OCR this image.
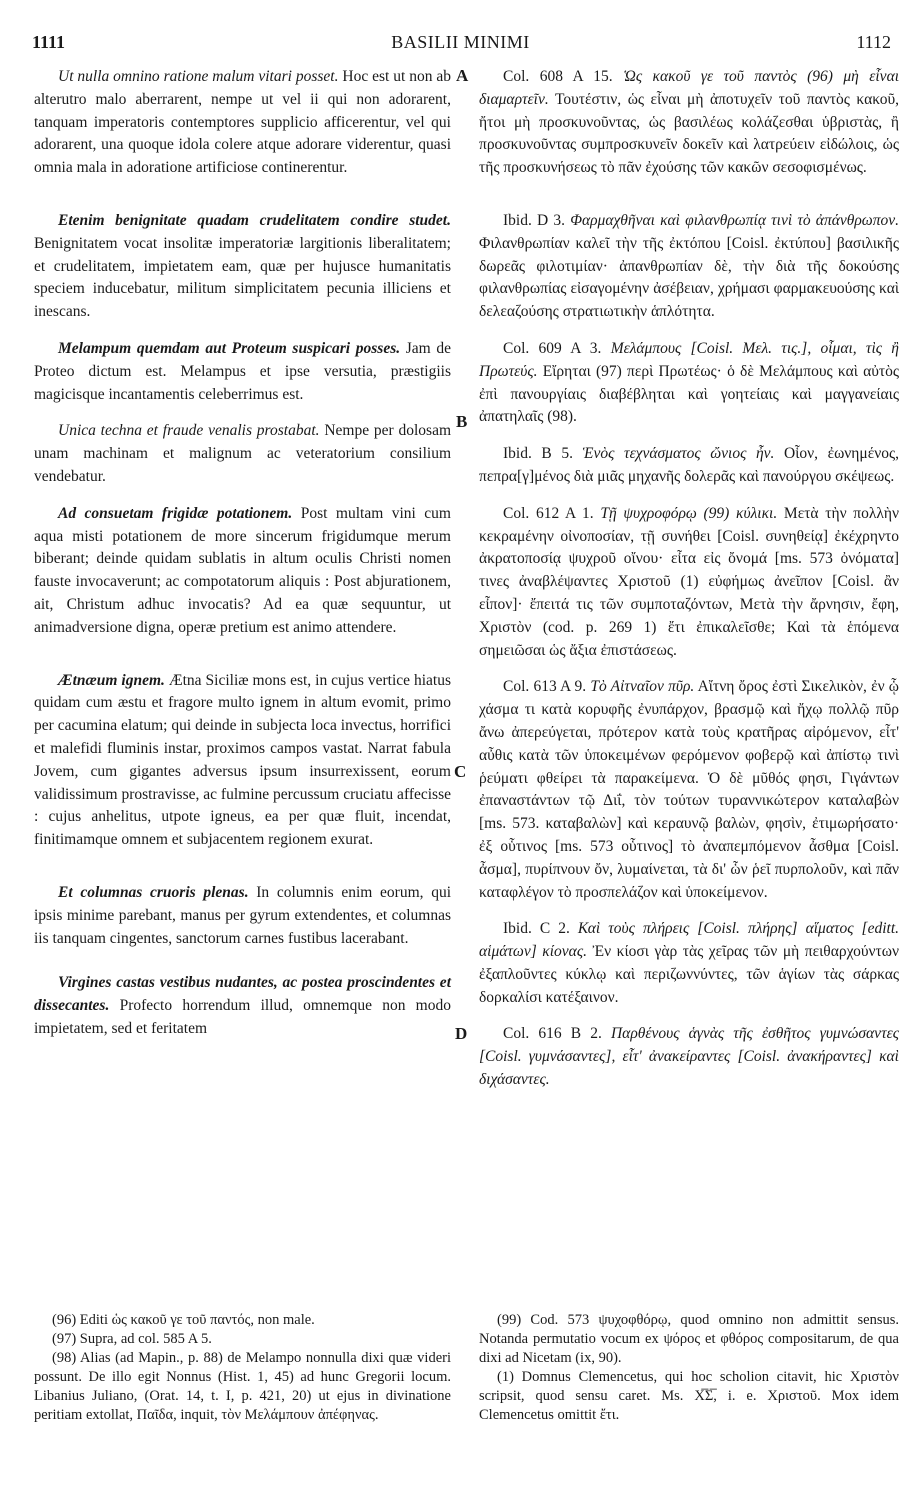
1111	BASILII MINIMI	1112
A
B
C
D

Ut nulla omnino ratione malum vitari posset. Hoc est ut non ab alterutro malo aberrarent, nempe ut vel ii qui non adorarent, tanquam imperatoris contemptores supplicio afficerentur, vel qui adorarent, una quoque idola colere atque adorare viderentur, quasi omnia mala in adoratione artificiose continerentur.

Etenim benignitate quadam crudelitatem condire studet. Benignitatem vocat insolitæ imperatoriæ largitionis liberalitatem; et crudelitatem, impietatem eam, quæ per hujusce humanitatis speciem inducebatur, militum simplicitatem pecunia illiciens et inescans.

Melampum quemdam aut Proteum suspicari posses. Jam de Proteo dictum est. Melampus et ipse versutia, præstigiis magicisque incantamentis celeberrimus est.

Unica techna et fraude venalis prostabat. Nempe per dolosam unam machinam et malignum ac veteratorium consilium vendebatur.

Ad consuetam frigidæ potationem. Post multam vini cum aqua misti potationem de more sincerum frigidumque merum biberant; deinde quidam sublatis in altum oculis Christi nomen fauste invocaverunt; ac compotatorum aliquis : Post abjurationem, ait, Christum adhuc invocatis? Ad ea quæ sequuntur, ut animadversione digna, operæ pretium est animo attendere.

Ætnæum ignem. Ætna Siciliæ mons est, in cujus vertice hiatus quidam cum æstu et fragore multo ignem in altum evomit, primo per cacumina elatum; qui deinde in subjecta loca invectus, horrifici et malefidi fluminis instar, proximos campos vastat. Narrat fabula Jovem, cum gigantes adversus ipsum insurrexissent, eorum validissimum prostravisse, ac fulmine percussum cruciatu affecisse : cujus anhelitus, utpote igneus, ea per quæ fluit, incendat, finitimamque omnem et subjacentem regionem exurat.

Et columnas cruoris plenas. In columnis enim eorum, qui ipsis minime parebant, manus per gyrum extendentes, et columnas iis tanquam cingentes, sanctorum carnes fustibus lacerabant.

Virgines castas vestibus nudantes, ac postea proscindentes et dissecantes. Profecto horrendum illud, omnemque non modo impietatem, sed et feritatem

Col. 608 A 15. Ὡς κακοῦ γε τοῦ παντὸς (96) μὴ εἶναι διαμαρτεῖν. Τουτέστιν, ὡς εἶναι μὴ ἀποτυχεῖν τοῦ παντὸς κακοῦ, ἤτοι μὴ προσκυνοῦντας, ὡς βασιλέως κολάζεσθαι ὑβριστὰς, ἢ προσκυνοῦντας συμπροσκυνεῖν δοκεῖν καὶ λατρεύειν εἰδώλοις, ὡς τῆς προσκυνήσεως τὸ πᾶν ἐχούσης τῶν κακῶν σεσοφισμένως.

Ibid. D 3. Φαρμαχθῆναι καὶ φιλανθρωπίᾳ τινὶ τὸ ἀπάνθρωπον. Φιλανθρωπίαν καλεῖ τὴν τῆς ἐκτόπου [Coisl. ἐκτύπου] βασιλικῆς δωρεᾶς φιλοτιμίαν· ἀπανθρωπίαν δὲ, τὴν διὰ τῆς δοκούσης φιλανθρωπίας εἰσαγομένην ἀσέβειαν, χρήμασι φαρμακευούσης καὶ δελεαζούσης στρατιωτικὴν ἁπλότητα.

Col. 609 A 3. Μελάμπους [Coisl. Μελ. τις.], οἶμαι, τὶς ἢ Πρωτεύς. Εἴρηται (97) περὶ Πρωτέως· ὁ δὲ Μελάμπους καὶ αὐτὸς ἐπὶ πανουργίαις διαβέβληται καὶ γοητείαις καὶ μαγγανείαις ἀπατηλαῖς (98).

Ibid. B 5. Ἑνὸς τεχνάσματος ὤνιος ἦν. Οἷον, ἐωνημένος, πεπρα[γ]μένος διὰ μιᾶς μηχανῆς δολερᾶς καὶ πανούργου σκέψεως.

Col. 612 A 1. Τῇ ψυχροφόρῳ (99) κύλικι. Μετὰ τὴν πολλὴν κεκραμένην οἰνοποσίαν, τῇ συνήθει [Coisl. συνηθείᾳ] ἐκέχρηντο ἀκρατοποσίᾳ ψυχροῦ οἴνου· εἶτα εἰς ὄνομά [ms. 573 ὀνόματα] τινες ἀναβλέψαντες Χριστοῦ (1) εὐφήμως ἀνεῖπον [Coisl. ἂν εἶπον]· ἔπειτά τις τῶν συμποταζόντων, Μετὰ τὴν ἄρνησιν, ἔφη, Χριστὸν (cod. p. 269 1) ἔτι ἐπικαλεῖσθε; Καὶ τὰ ἑπόμενα σημειῶσαι ὡς ἄξια ἐπιστάσεως.

Col. 613 A 9. Τὸ Αἰτναῖον πῦρ. Αἴτνη ὄρος ἐστὶ Σικελικὸν, ἐν ᾧ χάσμα τι κατὰ κορυφῆς ἐνυπάρχον, βρασμῷ καὶ ἤχῳ πολλῷ πῦρ ἄνω ἀπερεύγεται, πρότερον κατὰ τοὺς κρατῆρας αἰρόμενον, εἶτ' αὖθις κατὰ τῶν ὑποκειμένων φερόμενον φοβερῷ καὶ ἀπίστῳ τινὶ ῥεύματι φθείρει τὰ παρακείμενα. Ὁ δὲ μῦθός φησι, Γιγάντων ἐπαναστάντων τῷ Διΐ, τὸν τούτων τυραννικώτερον καταλαβὼν [ms. 573. καταβαλὼν] καὶ κεραυνῷ βαλὼν, φησὶν, ἐτιμωρήσατο· ἐξ οὗτινος [ms. 573 οὗτινος] τὸ ἀναπεμπόμενον ἆσθμα [Coisl. ἆσμα], πυρίπνουν ὄν, λυμαίνεται, τὰ δι' ὧν ῥεῖ πυρπολοῦν, καὶ πᾶν καταφλέγον τὸ προσπελάζον καὶ ὑποκείμενον.

Ibid. C 2. Καὶ τοὺς πλήρεις [Coisl. πλήρης] αἵματος [editt. αἱμάτων] κίονας. Ἐν κίοσι γὰρ τὰς χεῖρας τῶν μὴ πειθαρχούντων ἐξαπλοῦντες κύκλῳ καὶ περιζωννύντες, τῶν ἁγίων τὰς σάρκας δορκαλίσι κατέξαινον.

Col. 616 B 2. Παρθένους ἁγνὰς τῆς ἐσθῆτος γυμνώσαντες [Coisl. γυμνάσαντες], εἶτ' ἀνακείραντες [Coisl. ἀνακήραντες] καὶ διχάσαντες.

(96) Editi ὡς κακοῦ γε τοῦ παντός, non male.

(97) Supra, ad col. 585 A 5.

(98) Alias (ad Mapin., p. 88) de Melampo nonnulla dixi quæ videri possunt. De illo egit Nonnus (Hist. 1, 45) ad hunc Gregorii locum. Libanius Juliano, (Orat. 14, t. I, p. 421, 20) ut ejus in divinatione peritiam extollat, Παῖδα, inquit, τὸν Μελάμπουν ἀπέφηνας.

(99) Cod. 573 ψυχοφθόρῳ, quod omnino non admittit sensus. Notanda permutatio vocum ex ψόρος et φθόρος compositarum, de qua dixi ad Nicetam (ix, 90).

(1) Domnus Clemencetus, qui hoc scholion citavit, hic Χριστὸν scripsit, quod sensu caret. Ms. Χ̅Σ̅, i. e. Χριστοῦ. Mox idem Clemencetus omittit ἔτι.
